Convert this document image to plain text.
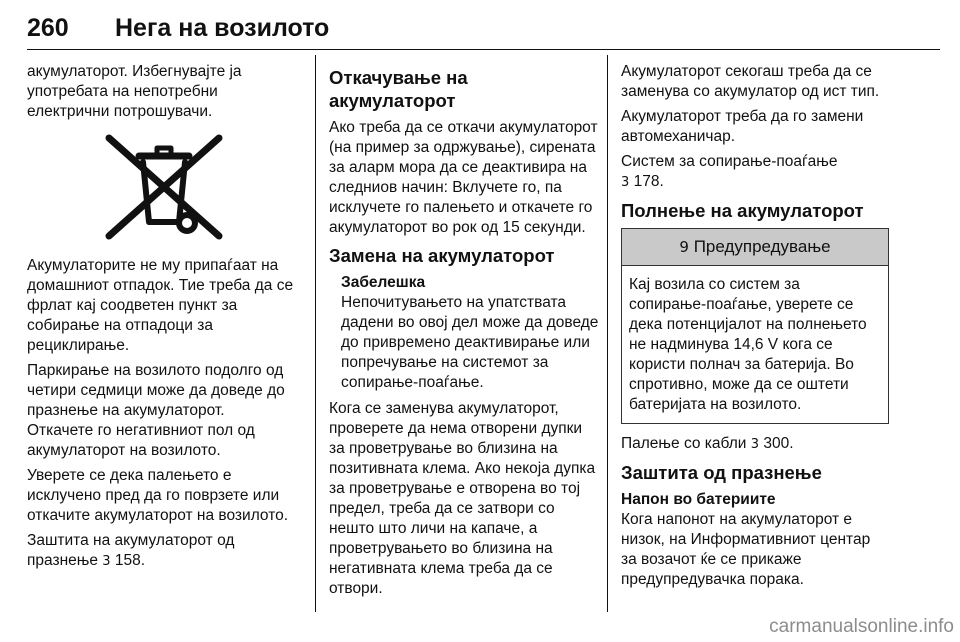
260 Нега на возилото

акумулаторот. Избегнувајте ја употребата на непотребни електрични потрошувачи.

Акумулаторите не му припаѓаат на домашниот отпадок. Тие треба да се фрлат кај соодветен пункт за собирање на отпадоци за рециклирање.

Паркирање на возилото подолго од четири седмици може да доведе до празнење на акумулаторот.

Откачете го негативниот пол од акумулаторот на возилото.

Уверете се дека палењето е исклучено пред да го поврзете или откачите акумулаторот на возилото.

Заштита на акумулаторот од празнење 3 158.

Откачување на акумулаторот

Ако треба да се откачи акумулаторот (на пример за одржување), сирената за аларм мора да се деактивира на следниов начин: Вклучете го, па исклучете го палењето и откачете го акумулаторот во рок од 15 секунди.

Замена на акумулаторот
Забелешка

Непочитувањето на упатствата дадени во овој дел може да доведе до привремено деактивирање или попречување на системот за сопирање-поаѓање.

Кога се заменува акумулаторот, проверете да нема отворени дупки за проветрување во близина на позитивната клема. Ако некоја дупка за проветрување е отворена во тој предел, треба да се затвори со нешто што личи на капаче, а проветрувањето во близина на негативната клема треба да се отвори.

Акумулаторот секогаш треба да се заменува со акумулатор од ист тип.

Акумулаторот треба да го замени автомеханичар.

Систем за сопирање-поаѓање
3 178.

Полнење на акумулаторот
9 Предупредување

Кај возила со систем за сопирање-поаѓање, уверете се дека потенцијалот на полнењето не надминува 14,6 V кога се користи полнач за батерија. Во спротивно, може да се оштети батеријата на возилото.

Палење со кабли 3 300.

Заштита од празнење
Напон во батериите

Кога напонот на акумулаторот е низок, на Информативниот центар за возачот ќе се прикаже предупредувачка порака.

carmanualsonline.info
